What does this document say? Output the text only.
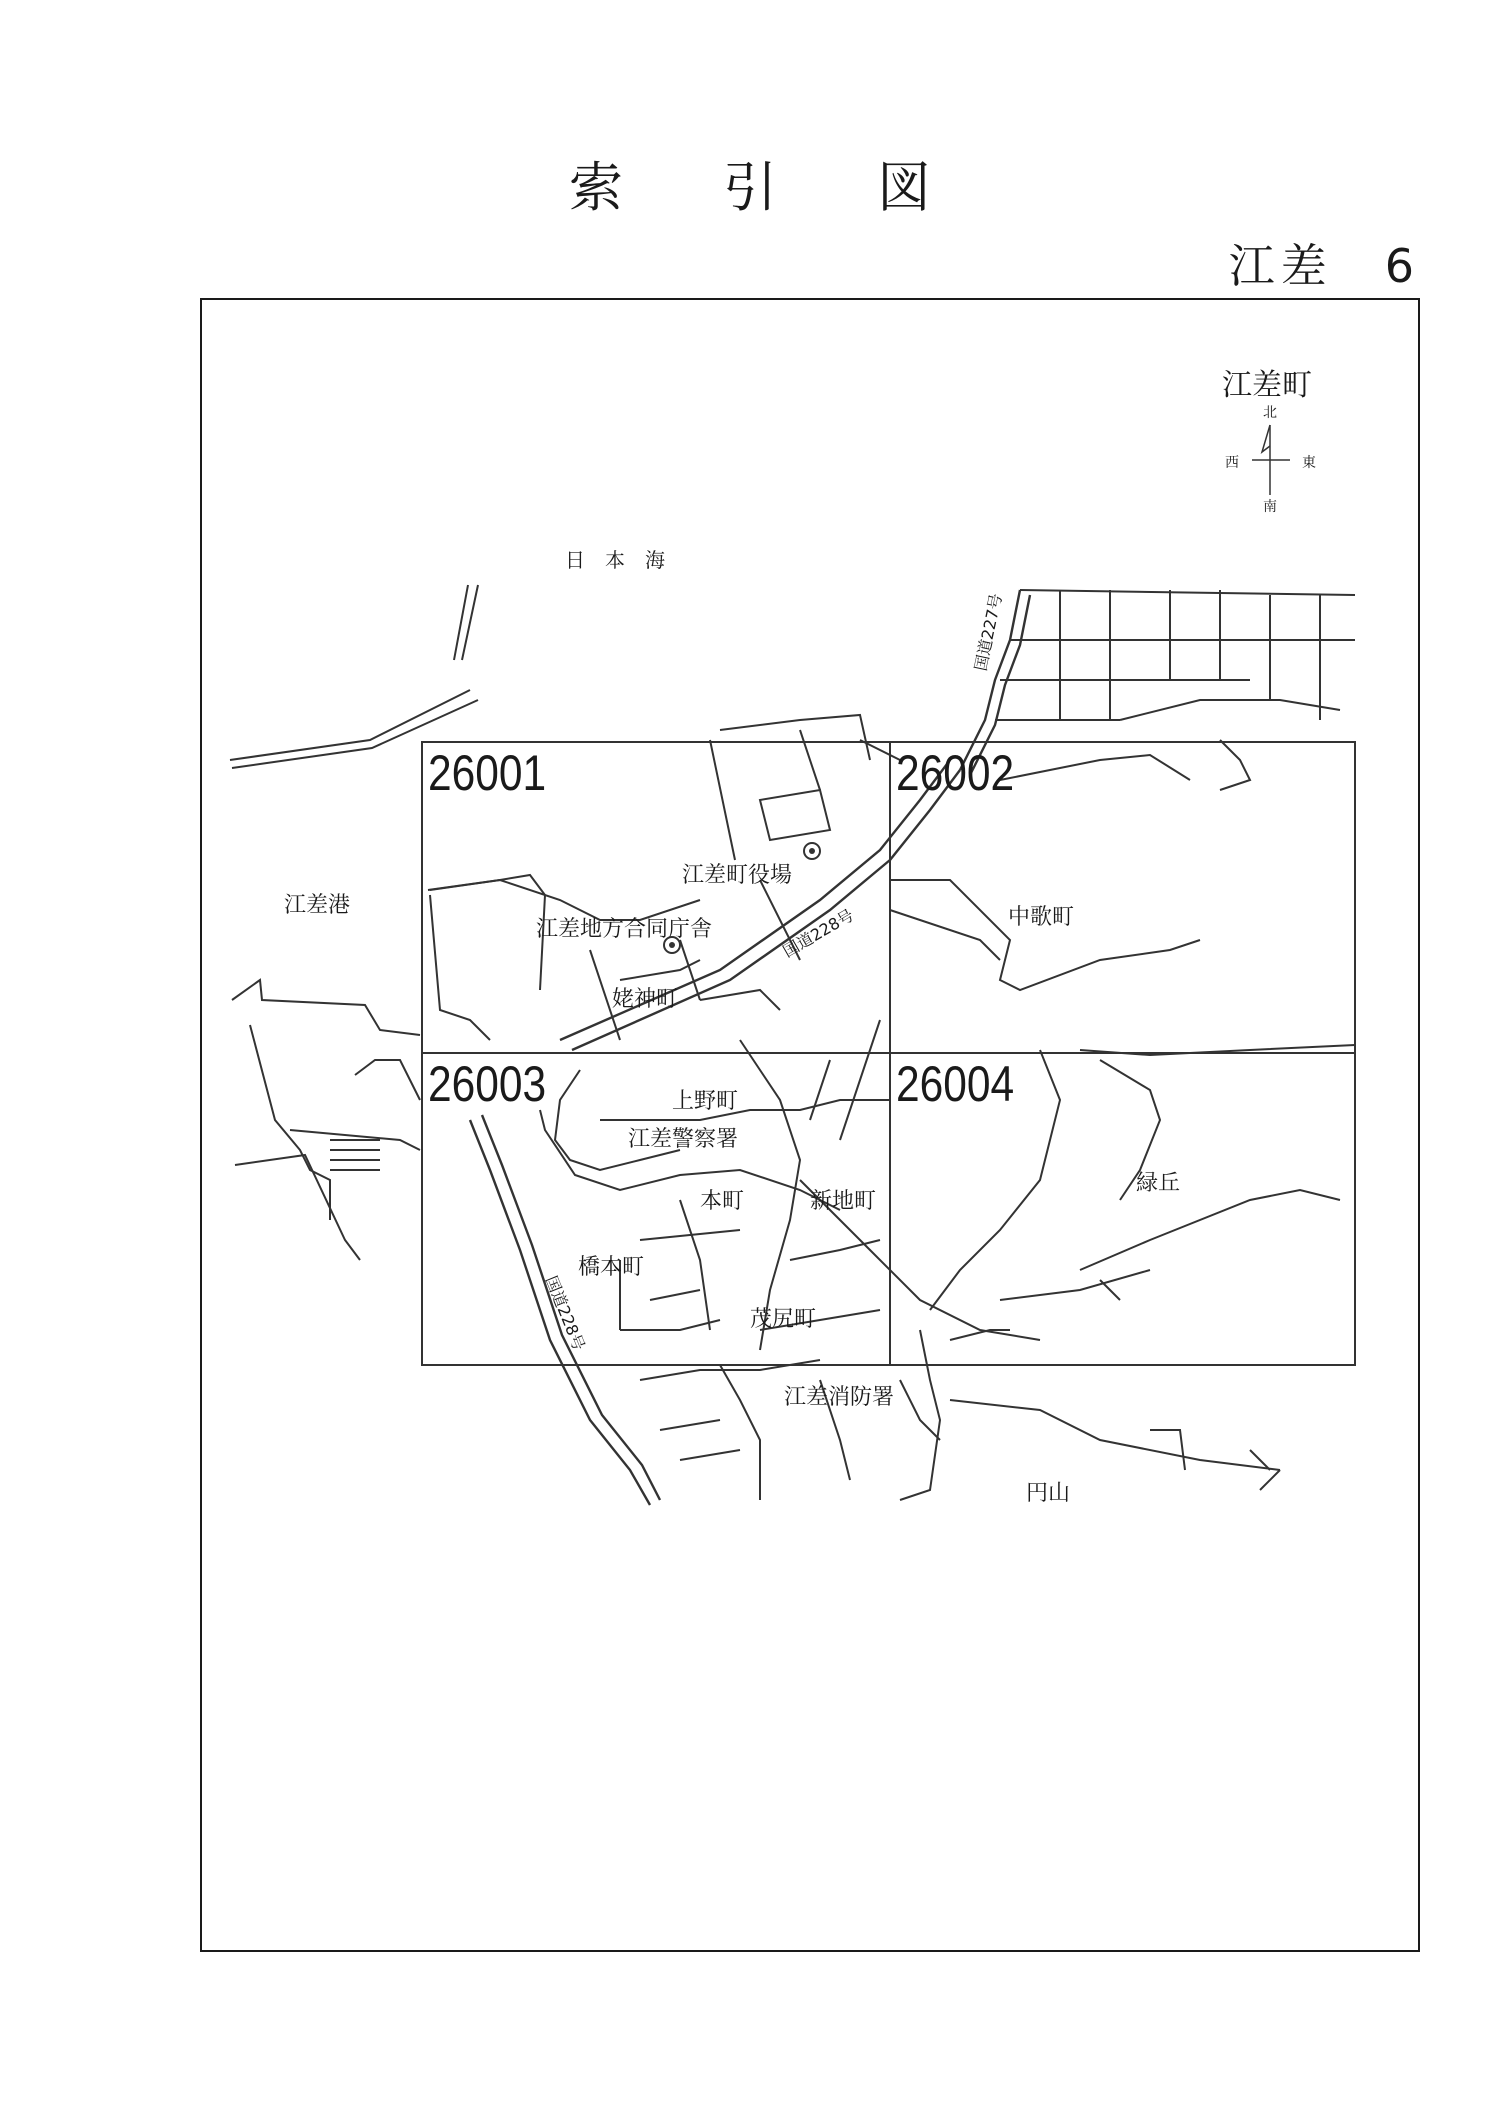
索引図
江差　6
北
南
東
西
江差町
26001	26002
26003	26004
日　本　海
江差港
江差町役場
江差地方合同庁舎
国道227号
国道228号
国道228号
姥神町
中歌町
上野町
江差警察署
本町	新地町
緑丘
橋本町
茂尻町
江差消防署
円山
